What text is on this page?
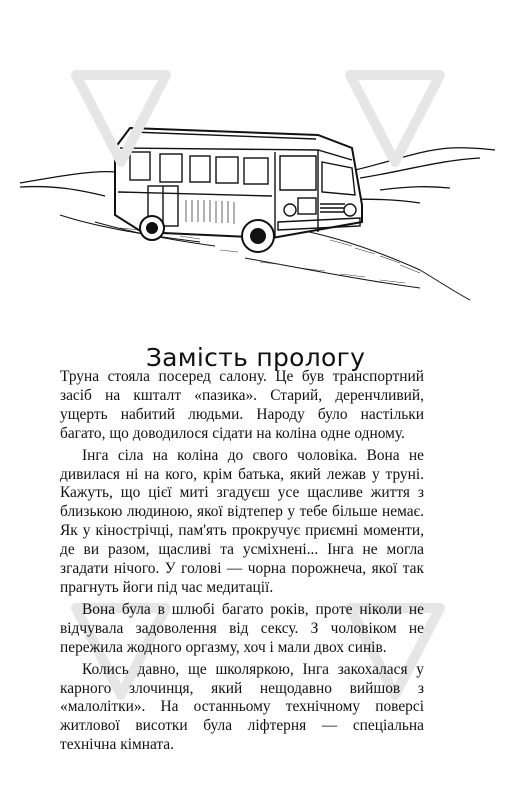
Замість прологу

Труна стояла посеред салону. Це був транспортний засіб на кшталт «пазика». Старий, деренчливий, ущерть набитий людьми. Народу було настільки багато, що доводилося сідати на коліна одне одному.

Інга сіла на коліна до свого чоловіка. Вона не дивилася ні на кого, крім батька, який лежав у труні. Кажуть, що цієї миті згадуєш усе щасливе життя з близькою людиною, якої відтепер у тебе більше немає. Як у кінострічці, пам'ять прокручує приємні моменти, де ви разом, щасливі та усміхнені... Інга не могла згадати нічого. У голові — чорна порожнеча, якої так прагнуть йоги під час медитації.

Вона була в шлюбі багато років, проте ніколи не відчувала задоволення від сексу. З чоловіком не пережила жодного оргазму, хоч і мали двох синів.

Колись давно, ще школяркою, Інга закохалася у карного злочинця, який нещодавно вийшов з «малолітки». На останньому технічному поверсі житлової висотки була ліфтерня — спеціальна технічна кімната.
